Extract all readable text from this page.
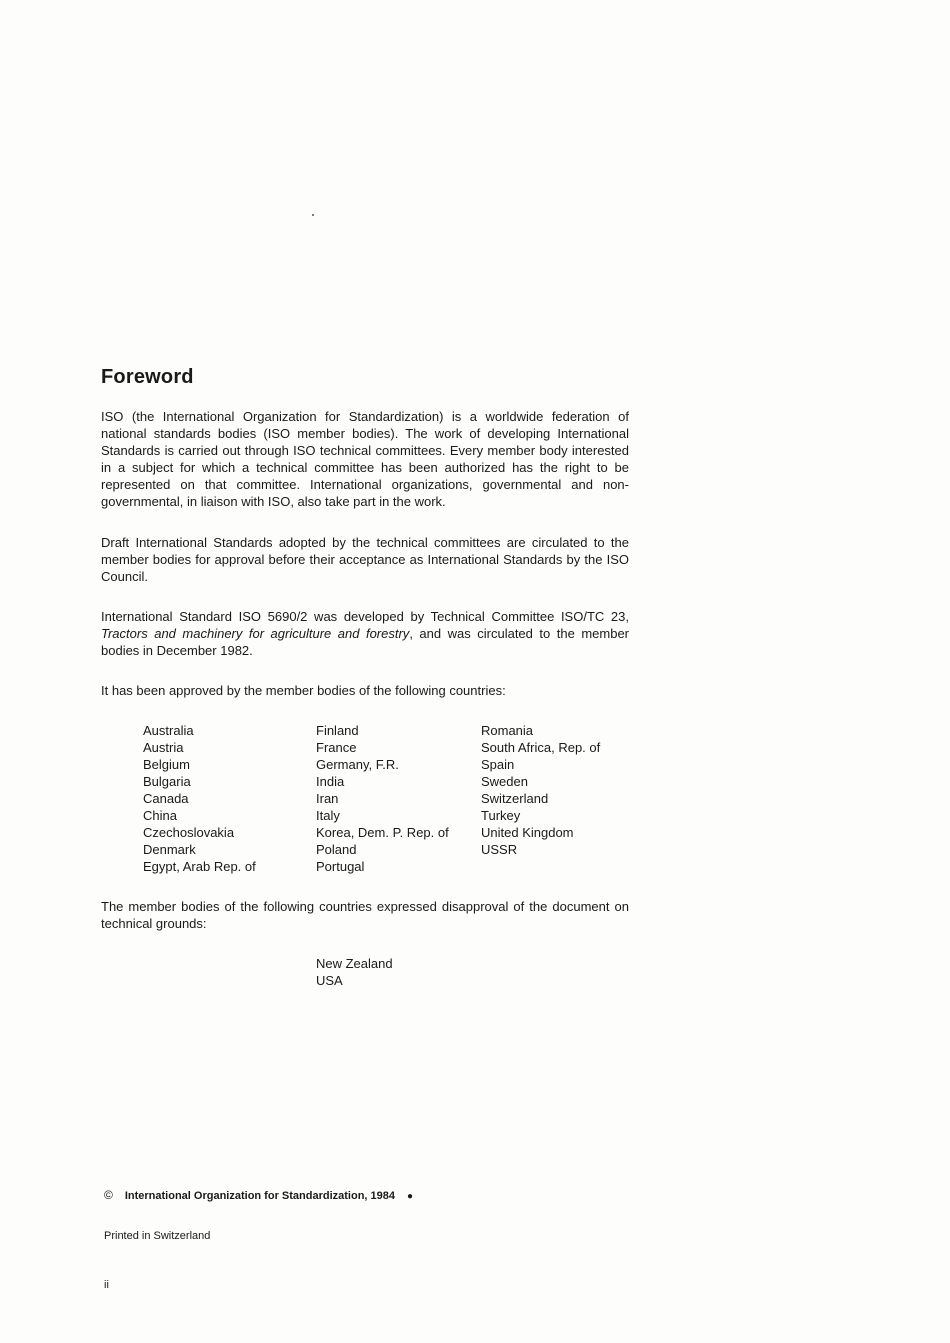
Foreword

ISO (the International Organization for Standardization) is a worldwide federation of national standards bodies (ISO member bodies). The work of developing International Standards is carried out through ISO technical committees. Every member body interested in a subject for which a technical committee has been authorized has the right to be represented on that committee. International organizations, governmental and non-governmental, in liaison with ISO, also take part in the work.

Draft International Standards adopted by the technical committees are circulated to the member bodies for approval before their acceptance as International Standards by the ISO Council.

International Standard ISO 5690/2 was developed by Technical Committee ISO/TC 23, Tractors and machinery for agriculture and forestry, and was circulated to the member bodies in December 1982.

It has been approved by the member bodies of the following countries:

Australia
Austria
Belgium
Bulgaria
Canada
China
Czechoslovakia
Denmark
Egypt, Arab Rep. of
Finland
France
Germany, F.R.
India
Iran
Italy
Korea, Dem. P. Rep. of
Poland
Portugal
Romania
South Africa, Rep. of
Spain
Sweden
Switzerland
Turkey
United Kingdom
USSR

The member bodies of the following countries expressed disapproval of the document on technical grounds:

New Zealand
USA
© International Organization for Standardization, 1984 ●
Printed in Switzerland
ii
